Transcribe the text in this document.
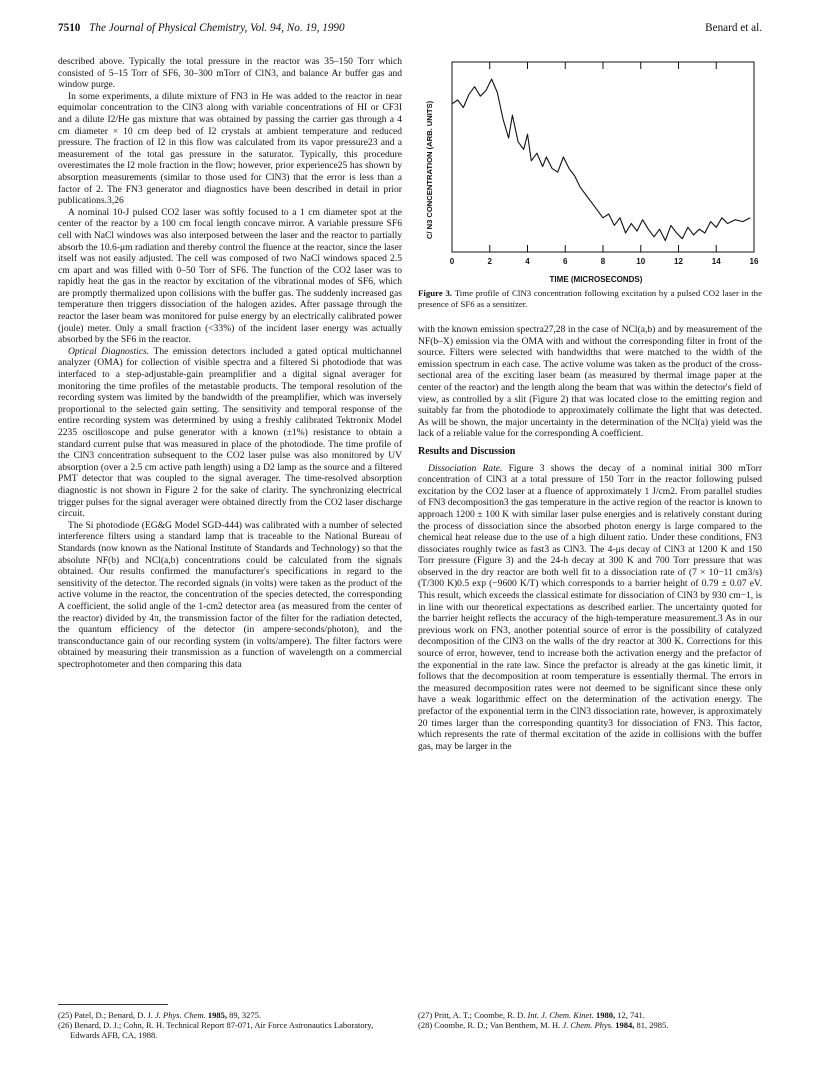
7510 The Journal of Physical Chemistry, Vol. 94, No. 19, 1990	Benard et al.

described above. Typically the total pressure in the reactor was 35–150 Torr which consisted of 5–15 Torr of SF6, 30–300 mTorr of ClN3, and balance Ar buffer gas and window purge.

In some experiments, a dilute mixture of FN3 in He was added to the reactor in near equimolar concentration to the ClN3 along with variable concentrations of HI or CF3I and a dilute I2/He gas mixture that was obtained by passing the carrier gas through a 4 cm diameter × 10 cm deep bed of I2 crystals at ambient temperature and reduced pressure. The fraction of I2 in this flow was calculated from its vapor pressure23 and a measurement of the total gas pressure in the saturator. Typically, this procedure overestimates the I2 mole fraction in the flow; however, prior experience25 has shown by absorption measurements (similar to those used for ClN3) that the error is less than a factor of 2. The FN3 generator and diagnostics have been described in detail in prior publications.3,26

A nominal 10-J pulsed CO2 laser was softly focused to a 1 cm diameter spot at the center of the reactor by a 100 cm focal length concave mirror. A variable pressure SF6 cell with NaCl windows was also interposed between the laser and the reactor to partially absorb the 10.6-μm radiation and thereby control the fluence at the reactor, since the laser itself was not easily adjusted. The cell was composed of two NaCl windows spaced 2.5 cm apart and was filled with 0–50 Torr of SF6. The function of the CO2 laser was to rapidly heat the gas in the reactor by excitation of the vibrational modes of SF6, which are promptly thermalized upon collisions with the buffer gas. The suddenly increased gas temperature then triggers dissociation of the halogen azides. After passage through the reactor the laser beam was monitored for pulse energy by an electrically calibrated power (joule) meter. Only a small fraction (<33%) of the incident laser energy was actually absorbed by the SF6 in the reactor.

Optical Diagnostics. The emission detectors included a gated optical multichannel analyzer (OMA) for collection of visible spectra and a filtered Si photodiode that was interfaced to a step-adjustable-gain preamplifier and a digital signal averager for monitoring the time profiles of the metastable products. The temporal resolution of the recording system was limited by the bandwidth of the preamplifier, which was inversely proportional to the selected gain setting. The sensitivity and temporal response of the entire recording system was determined by using a freshly calibrated Tektronix Model 2235 oscilloscope and pulse generator with a known (±1%) resistance to obtain a standard current pulse that was measured in place of the photodiode. The time profile of the ClN3 concentration subsequent to the CO2 laser pulse was also monitored by UV absorption (over a 2.5 cm active path length) using a D2 lamp as the source and a filtered PMT detector that was coupled to the signal averager. The time-resolved absorption diagnostic is not shown in Figure 2 for the sake of clarity. The synchronizing electrical trigger pulses for the signal averager were obtained directly from the CO2 laser discharge circuit.

The Si photodiode (EG&G Model SGD-444) was calibrated with a number of selected interference filters using a standard lamp that is traceable to the National Bureau of Standards (now known as the National Institute of Standards and Technology) so that the absolute NF(b) and NCl(a,b) concentrations could be calculated from the signals obtained. Our results confirmed the manufacturer's specifications in regard to the sensitivity of the detector. The recorded signals (in volts) were taken as the product of the active volume in the reactor, the concentration of the species detected, the corresponding A coefficient, the solid angle of the 1-cm2 detector area (as measured from the center of the reactor) divided by 4π, the transmission factor of the filter for the radiation detected, the quantum efficiency of the detector (in ampere·seconds/photon), and the transconductance gain of our recording system (in volts/ampere). The filter factors were obtained by measuring their transmission as a function of wavelength on a commercial spectrophotometer and then comparing this data

0	2	4	6	8	10	12	14	16
C/ N3 CONCENTRATION (ARB. UNITS)
TIME (MICROSECONDS)
Figure 3. Time profile of ClN3 concentration following excitation by a pulsed CO2 laser in the presence of SF6 as a sensitizer.

with the known emission spectra27,28 in the case of NCl(a,b) and by measurement of the NF(b–X) emission via the OMA with and without the corresponding filter in front of the source. Filters were selected with bandwidths that were matched to the width of the emission spectrum in each case. The active volume was taken as the product of the cross-sectional area of the exciting laser beam (as measured by thermal image paper at the center of the reactor) and the length along the beam that was within the detector's field of view, as controlled by a slit (Figure 2) that was located close to the emitting region and suitably far from the photodiode to approximately collimate the light that was detected. As will be shown, the major uncertainty in the determination of the NCl(a) yield was the lack of a reliable value for the corresponding A coefficient.

Results and Discussion

Dissociation Rate. Figure 3 shows the decay of a nominal initial 300 mTorr concentration of ClN3 at a total pressure of 150 Torr in the reactor following pulsed excitation by the CO2 laser at a fluence of approximately 1 J/cm2. From parallel studies of FN3 decomposition3 the gas temperature in the active region of the reactor is known to approach 1200 ± 100 K with similar laser pulse energies and is relatively constant during the process of dissociation since the absorbed photon energy is large compared to the chemical heat release due to the use of a high diluent ratio. Under these conditions, FN3 dissociates roughly twice as fast3 as ClN3. The 4-μs decay of ClN3 at 1200 K and 150 Torr pressure (Figure 3) and the 24-h decay at 300 K and 700 Torr pressure that was observed in the dry reactor are both well fit to a dissociation rate of (7 × 10−11 cm3/s)(T/300 K)0.5 exp (−9600 K/T) which corresponds to a barrier height of 0.79 ± 0.07 eV. This result, which exceeds the classical estimate for dissociation of ClN3 by 930 cm−1, is in line with our theoretical expectations as described earlier. The uncertainty quoted for the barrier height reflects the accuracy of the high-temperature measurement.3 As in our previous work on FN3, another potential source of error is the possibility of catalyzed decomposition of the ClN3 on the walls of the dry reactor at 300 K. Corrections for this source of error, however, tend to increase both the activation energy and the prefactor of the exponential in the rate law. Since the prefactor is already at the gas kinetic limit, it follows that the decomposition at room temperature is essentially thermal. The errors in the measured decomposition rates were not deemed to be significant since these only have a weak logarithmic effect on the determination of the activation energy. The prefactor of the exponential term in the ClN3 dissociation rate, however, is approximately 20 times larger than the corresponding quantity3 for dissociation of FN3. This factor, which represents the rate of thermal excitation of the azide in collisions with the buffer gas, may be larger in the

(25) Patel, D.; Benard, D. J. J. Phys. Chem. 1985, 89, 3275.

(26) Benard, D. J.; Cohn, R. H. Technical Report 87-071, Air Force Astronautics Laboratory, Edwards AFB, CA, 1988.

(27) Pritt, A. T.; Coombe, R. D. Int. J. Chem. Kinet. 1980, 12, 741.

(28) Coombe, R. D.; Van Benthem, M. H. J. Chem. Phys. 1984, 81, 2985.
